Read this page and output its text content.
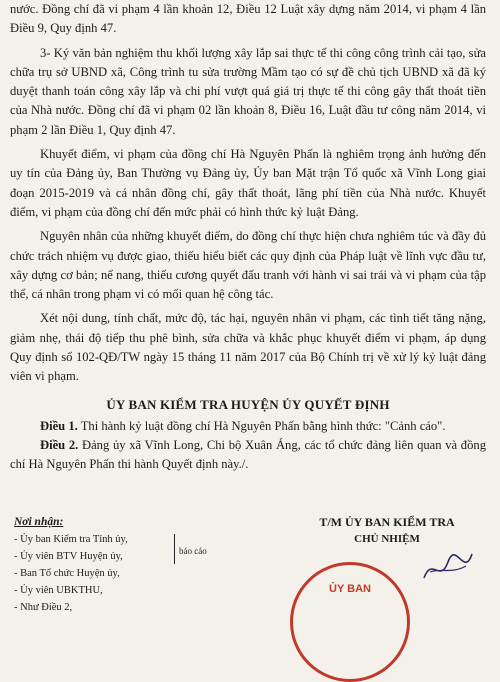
nước. Đồng chí đã vi phạm 4 lần khoản 12, Điều 12 Luật xây dựng năm 2014, vi phạm 4 lần Điều 9, Quy định 47.

3- Ký văn bản nghiệm thu khối lượng xây lắp sai thực tế thi công công trình cải tạo, sửa chữa trụ sở UBND xã, Công trình tu sửa trường Mầm tạo có sự đề chủ tịch UBND xã đã ký duyệt thanh toán công xây lắp và chi phí vượt quá giá trị thực tế thi công gây thất thoát tiền của Nhà nước. Đồng chí đã vi phạm 02 lần khoản 8, Điều 16, Luật đầu tư công năm 2014, vi phạm 2 lần Điều 1, Quy định 47.

Khuyết điểm, vi phạm của đồng chí Hà Nguyên Phấn là nghiêm trọng ảnh hưởng đến uy tín của Đảng ủy, Ban Thường vụ Đảng ủy, Ủy ban Mặt trận Tổ quốc xã Vĩnh Long giai đoạn 2015-2019 và cá nhân đồng chí, gây thất thoát, lãng phí tiền của Nhà nước. Khuyết điểm, vi phạm của đồng chí đến mức phải có hình thức kỷ luật Đảng.

Nguyên nhân của những khuyết điểm, do đồng chí thực hiện chưa nghiêm túc và đầy đủ chức trách nhiệm vụ được giao, thiếu hiểu biết các quy định của Pháp luật về lĩnh vực đầu tư, xây dựng cơ bản; nể nang, thiếu cương quyết đấu tranh với hành vi sai trái và vi phạm của tập thể, cá nhân trong phạm vi có mối quan hệ công tác.

Xét nội dung, tính chất, mức độ, tác hại, nguyên nhân vi phạm, các tình tiết tăng nặng, giảm nhẹ, thái độ tiếp thu phê bình, sửa chữa và khắc phục khuyết điểm vi phạm, áp dụng Quy định số 102-QĐ/TW ngày 15 tháng 11 năm 2017 của Bộ Chính trị về xử lý kỷ luật đảng viên vi phạm.

ỦY BAN KIỂM TRA HUYỆN ỦY QUYẾT ĐỊNH

Điều 1. Thi hành kỷ luật đồng chí Hà Nguyên Phấn bằng hình thức: "Cảnh cáo".

Điều 2. Đảng ủy xã Vĩnh Long, Chi bộ Xuân Áng, các tổ chức đảng liên quan và đồng chí Hà Nguyên Phấn thi hành Quyết định này./.

Nơi nhận:
- Ủy ban Kiểm tra Tỉnh ủy,
- Ủy viên BTV Huyện ủy,
- Ban Tổ chức Huyện ủy,
- Ủy viên UBKTHU,
- Như Điều 2,
báo cáo
T/M ỦY BAN KIỂM TRA
CHỦ NHIỆM
ỦY BAN
